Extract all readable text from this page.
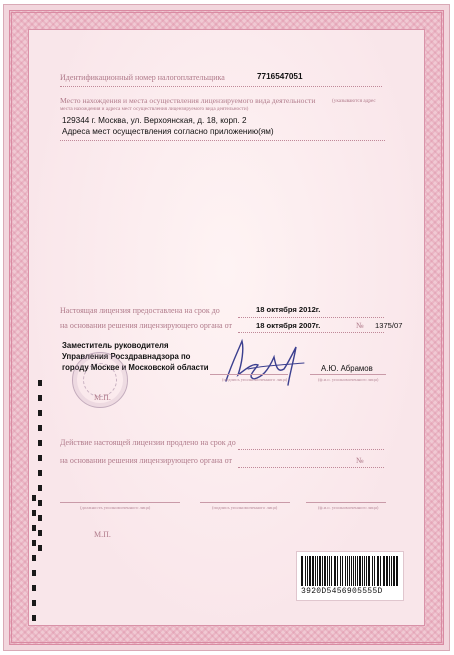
Идентификационный номер налогоплательщика	7716547051
Место нахождения и места осуществления лицензируемого вида деятельности	(указываются адрес
места нахождения и адреса мест осуществления лицензируемого вида деятельности)
129344 г. Москва, ул. Верхоянская, д. 18, корп. 2
Адреса мест осуществления согласно приложению(ям)
Настоящая лицензия предоставлена на срок до	18 октября 2012г.
на основании решения лицензирующего органа от	18 октября 2007г.	№ 1375/07
Заместитель руководителя
Управления Росздравнадзора по
городу Москве и Московской области	А.Ю. Абрамов
(подпись уполномоченного лица)	(ф.и.о. уполномоченного лица)
М.П.
Действие настоящей лицензии продлено на срок до
на основании решения лицензирующего органа от	№
(должность уполномоченного лица)	(подпись уполномоченного лица)	(ф.и.о. уполномоченного лица)
М.П.
3920D5456905555D
